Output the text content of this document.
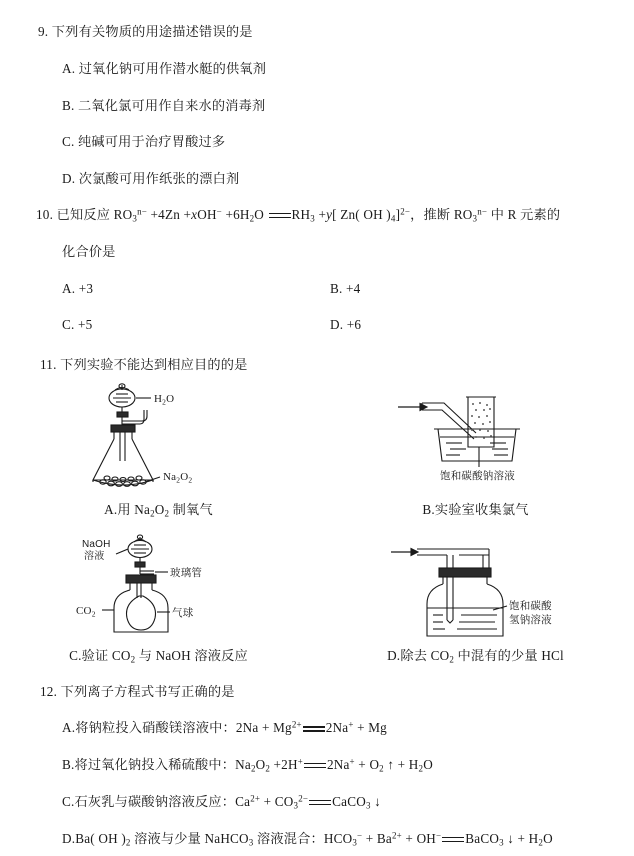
9. 下列有关物质的用途描述错误的是
A. 过氧化钠可用作潜水艇的供氧剂
B. 二氧化氯可用作自来水的消毒剂
C. 纯碱可用于治疗胃酸过多
D. 次氯酸可用作纸张的漂白剂
10. 已知反应 $RO_3^{n-} +4Zn +xOH^- +6H_2O$ $RH_3 +y$[ Zn( OH )$_4]^{2-}$，推断 $RO_3^{n-}$ 中 R 元素的
化合价是
A. +3	B. +4
C. +5	D. +6
11. 下列实验不能达到相应目的的是
$H_2O$
$Na_2O_2$	饱和碳酸钠溶液
A.用 $Na_2O_2$ 制氧气	B.实验室收集氯气
NaOH
溶液
玻璃管
$CO_2$	气球
饱和碳酸
氢钠溶液
C.验证 $CO_2$ 与 NaOH 溶液反应	D.除去 $CO_2$ 中混有的少量 HCl
12. 下列离子方程式书写正确的是
A.将钠粒投入硝酸镁溶液中：$2Na + Mg^{2+}$ 2Na+ + Mg
B.将过氧化钠投入稀硫酸中：$Na_2O_2 +2H^+$ $2Na^+ + O_2$ ↑ + $H_2O$
C.石灰乳与碳酸钠溶液反应：$Ca^{2+} + CO_3^{2-}$ CaCO$_3$ ↓
D.Ba( OH )$_2$ 溶液与少量 NaHCO$_3$ 溶液混合：$HCO_3^- + Ba^{2+} + OH^-$ BaCO$_3$ ↓ + $H_2O$
